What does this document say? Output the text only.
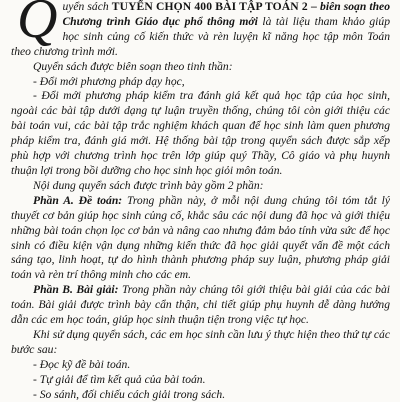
Quyển sách TUYỂN CHỌN 400 BÀI TẬP TOÁN 2 – biên soạn theo Chương trình Giáo dục phổ thông mới là tài liệu tham khảo giúp học sinh củng cố kiến thức và rèn luyện kĩ năng học tập môn Toán theo chương trình mới.

Quyển sách được biên soạn theo tinh thần:

- Đổi mới phương pháp dạy học,

- Đổi mới phương pháp kiểm tra đánh giá kết quả học tập của học sinh, ngoài các bài tập dưới dạng tự luận truyền thống, chúng tôi còn giới thiệu các bài toán vui, các bài tập trắc nghiệm khách quan để học sinh làm quen phương pháp kiểm tra, đánh giá mới. Hệ thống bài tập trong quyển sách được sắp xếp phù hợp với chương trình học trên lớp giúp quý Thầy, Cô giáo và phụ huynh thuận lợi trong bồi dưỡng cho học sinh học giỏi môn toán.

Nội dung quyển sách được trình bày gồm 2 phần:

Phần A. Đề toán: Trong phần này, ở mỗi nội dung chúng tôi tóm tắt lý thuyết cơ bản giúp học sinh củng cố, khắc sâu các nội dung đã học và giới thiệu những bài toán chọn lọc cơ bản và nâng cao nhưng đảm bảo tính vừa sức để học sinh có điều kiện vận dụng những kiến thức đã học giải quyết vấn đề một cách sáng tạo, linh hoạt, tự do hình thành phương pháp suy luận, phương pháp giải toán và rèn trí thông minh cho các em.

Phần B. Bài giải: Trong phần này chúng tôi giới thiệu bài giải của các bài toán. Bài giải được trình bày cẩn thận, chi tiết giúp phụ huynh dễ dàng hướng dẫn các em học toán, giúp học sinh thuận tiện trong việc tự học.

Khi sử dụng quyển sách, các em học sinh cần lưu ý thực hiện theo thứ tự các bước sau:

- Đọc kỹ đề bài toán.

- Tự giải để tìm kết quả của bài toán.

- So sánh, đối chiếu cách giải trong sách.
